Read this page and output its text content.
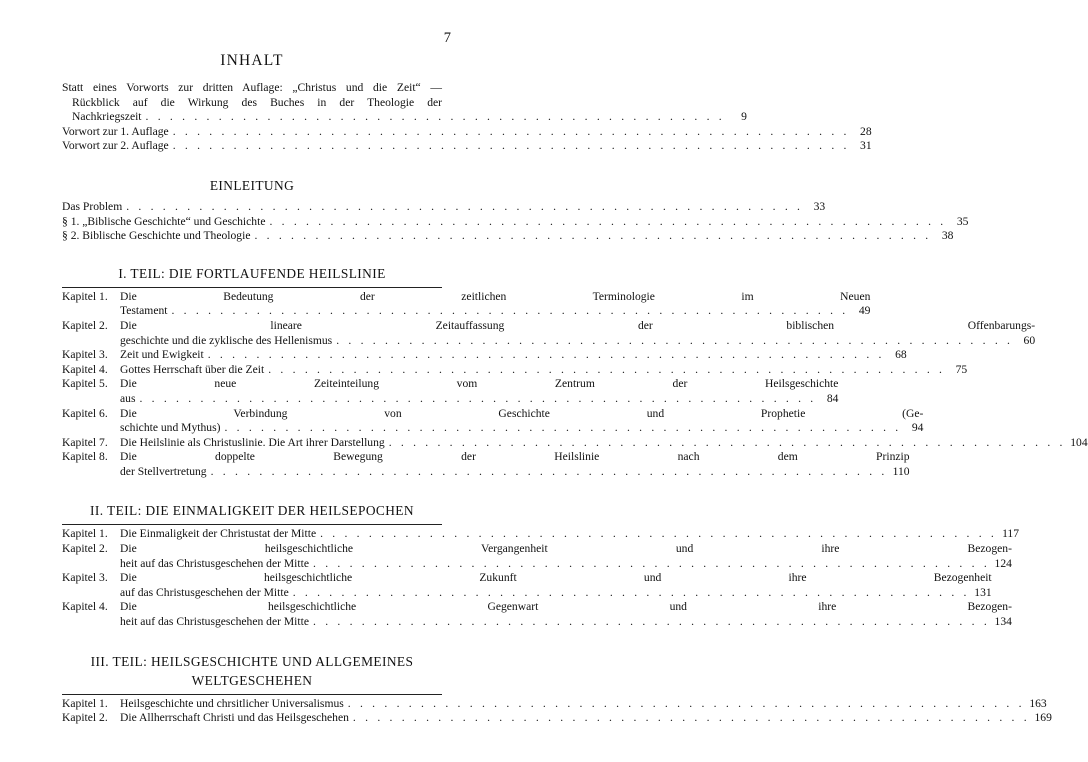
7
INHALT
Statt eines Vorworts zur dritten Auflage: „Christus und die Zeit“ —
Rückblick auf die Wirkung des Buches in der Theologie der
Nachkriegszeit . . . . . . . . . . . . . . . . . . . . . . . . . . . . . . . . . . . . . . . . . . . . . . . .	9
Vorwort zur 1. Auflage . . . . . . . . . . . . . . . . . . . . . . . . . . . . . . . . . . . . . . . . . . . . . . . . . . . . . . . . 28
Vorwort zur 2. Auflage . . . . . . . . . . . . . . . . . . . . . . . . . . . . . . . . . . . . . . . . . . . . . . . . . . . . . . . . 31
EINLEITUNG
Das Problem . . . . . . . . . . . . . . . . . . . . . . . . . . . . . . . . . . . . . . . . . . . . . . . . . . . . . . . . 33
§ 1. „Biblische Geschichte“ und Geschichte . . . . . . . . . . . . . . . . . . . . . . . . . . . . . . . . . . . . . . . . . . . . . . . . . . . . . . . . 35
§ 2. Biblische Geschichte und Theologie . . . . . . . . . . . . . . . . . . . . . . . . . . . . . . . . . . . . . . . . . . . . . . . . . . . . . . . . 38
I. TEIL: DIE FORTLAUFENDE HEILSLINIE
Kapitel 1.	Die Bedeutung der zeitlichen Terminologie im Neuen
Testament . . . . . . . . . . . . . . . . . . . . . . . . . . . . . . . . . . . . . . . . . . . . . . . . . . . . . . . . 49
Kapitel 2.	Die lineare Zeitauffassung der biblischen Offenbarungs-
geschichte und die zyklische des Hellenismus . . . . . . . . . . . . . . . . . . . . . . . . . . . . . . . . . . . . . . . . . . . . . . . . . . . . . . . . 60
Kapitel 3.	Zeit und Ewigkeit . . . . . . . . . . . . . . . . . . . . . . . . . . . . . . . . . . . . . . . . . . . . . . . . . . . . . . . . 68
Kapitel 4.	Gottes Herrschaft über die Zeit . . . . . . . . . . . . . . . . . . . . . . . . . . . . . . . . . . . . . . . . . . . . . . . . . . . . . . . . 75
Kapitel 5.	Die neue Zeiteinteilung vom Zentrum der Heilsgeschichte
aus . . . . . . . . . . . . . . . . . . . . . . . . . . . . . . . . . . . . . . . . . . . . . . . . . . . . . . . . 84
Kapitel 6.	Die Verbindung von Geschichte und Prophetie (Ge-
schichte und Mythus) . . . . . . . . . . . . . . . . . . . . . . . . . . . . . . . . . . . . . . . . . . . . . . . . . . . . . . . . 94
Kapitel 7.	Die Heilslinie als Christuslinie. Die Art ihrer Darstellung . . . . . . . . . . . . . . . . . . . . . . . . . . . . . . . . . . . . . . . . . . . . . . . . . . . . . . . . 104
Kapitel 8.	Die doppelte Bewegung der Heilslinie nach dem Prinzip
der Stellvertretung . . . . . . . . . . . . . . . . . . . . . . . . . . . . . . . . . . . . . . . . . . . . . . . . . . . . . . . . 110
II. TEIL: DIE EINMALIGKEIT DER HEILSEPOCHEN
Kapitel 1.	Die Einmaligkeit der Christustat der Mitte . . . . . . . . . . . . . . . . . . . . . . . . . . . . . . . . . . . . . . . . . . . . . . . . . . . . . . . . 117
Kapitel 2.	Die heilsgeschichtliche Vergangenheit und ihre Bezogen-
heit auf das Christusgeschehen der Mitte . . . . . . . . . . . . . . . . . . . . . . . . . . . . . . . . . . . . . . . . . . . . . . . . . . . . . . . . 124
Kapitel 3.	Die heilsgeschichtliche Zukunft und ihre Bezogenheit
auf das Christusgeschehen der Mitte . . . . . . . . . . . . . . . . . . . . . . . . . . . . . . . . . . . . . . . . . . . . . . . . . . . . . . . . 131
Kapitel 4.	Die heilsgeschichtliche Gegenwart und ihre Bezogen-
heit auf das Christusgeschehen der Mitte . . . . . . . . . . . . . . . . . . . . . . . . . . . . . . . . . . . . . . . . . . . . . . . . . . . . . . . . 134
III. TEIL: HEILSGESCHICHTE UND ALLGEMEINES
WELTGESCHEHEN
Kapitel 1.	Heilsgeschichte und chrsitlicher Universalismus . . . . . . . . . . . . . . . . . . . . . . . . . . . . . . . . . . . . . . . . . . . . . . . . . . . . . . . . 163
Kapitel 2.	Die Allherrschaft Christi und das Heilsgeschehen . . . . . . . . . . . . . . . . . . . . . . . . . . . . . . . . . . . . . . . . . . . . . . . . . . . . . . . . 169
